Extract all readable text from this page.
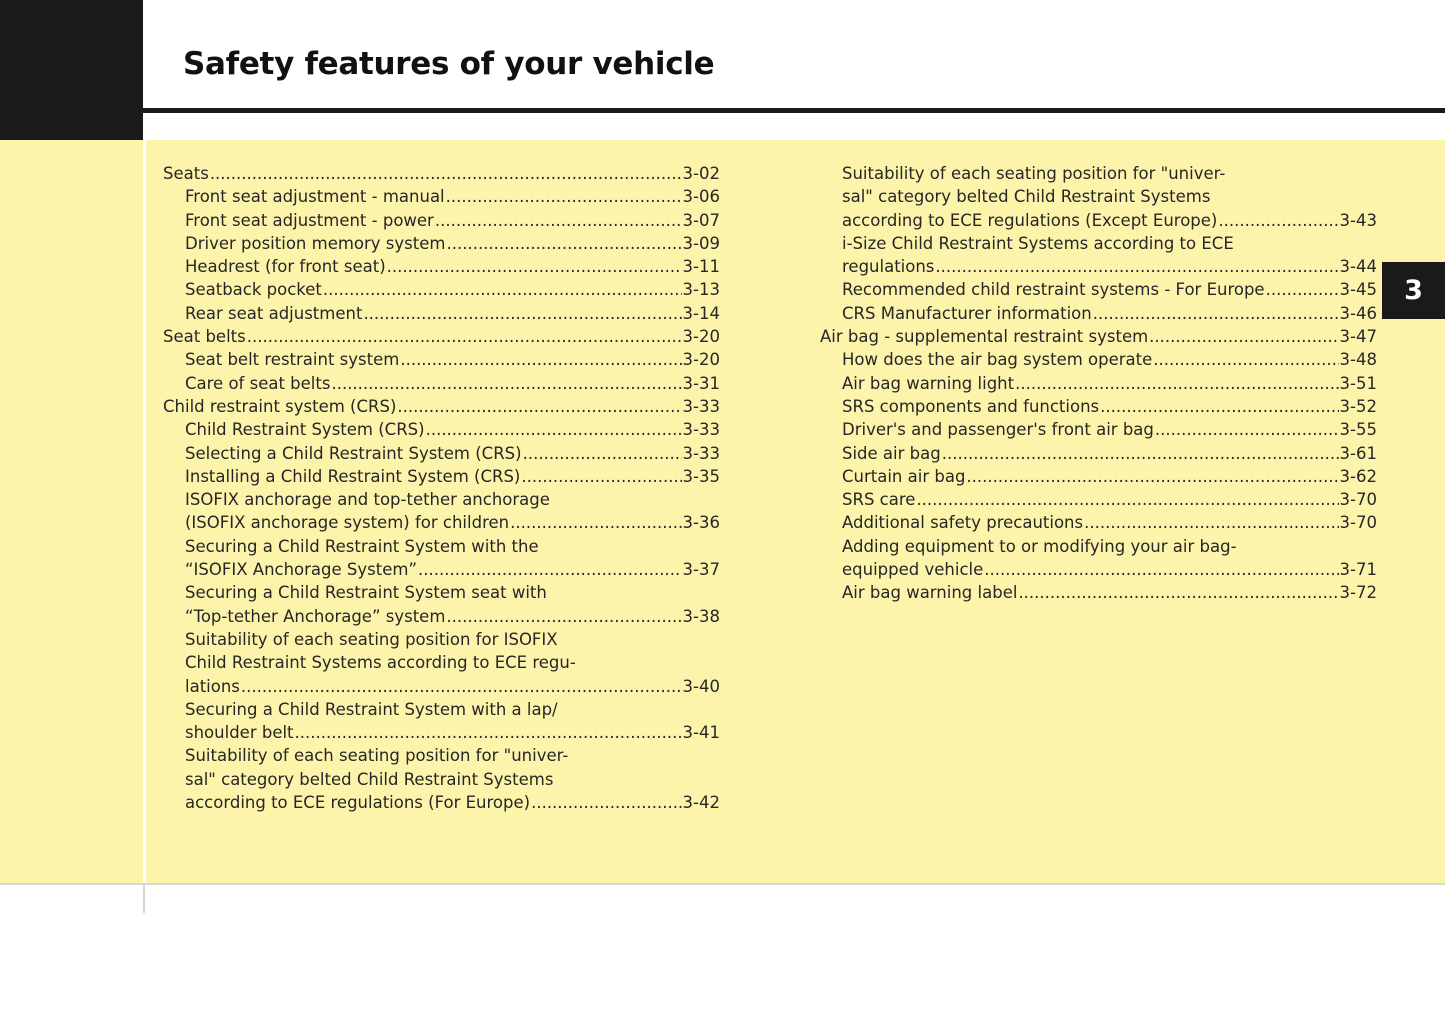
Safety features of your vehicle
3
Seats .....	3-02
Front seat adjustment - manual .....	3-06
Front seat adjustment - power .....	3-07
Driver position memory system .....	3-09
Headrest (for front seat) .....	3-11
Seatback pocket .....	3-13
Rear seat adjustment .....	3-14
Seat belts .....	3-20
Seat belt restraint system .....	3-20
Care of seat belts .....	3-31
Child restraint system (CRS) .....	3-33
Child Restraint System (CRS) .....	3-33
Selecting a Child Restraint System (CRS) .....	3-33
Installing a Child Restraint System (CRS) .....	3-35
ISOFIX anchorage and top-tether anchorage
(ISOFIX anchorage system) for children .....	3-36
Securing a Child Restraint System with the
“ISOFIX Anchorage System” .....	3-37
Securing a Child Restraint System seat with
“Top-tether Anchorage” system .....	3-38
Suitability of each seating position for ISOFIX
Child Restraint Systems according to ECE regu-
lations .....	3-40
Securing a Child Restraint System with a lap/
shoulder belt .....	3-41
Suitability of each seating position for "univer-
sal" category belted Child Restraint Systems
according to ECE regulations (For Europe) .....	3-42
Suitability of each seating position for "univer-
sal" category belted Child Restraint Systems
according to ECE regulations (Except Europe) .....	3-43
i-Size Child Restraint Systems according to ECE
regulations .....	3-44
Recommended child restraint systems - For Europe .....	3-45
CRS Manufacturer information .....	3-46
Air bag - supplemental restraint system .....	3-47
How does the air bag system operate .....	3-48
Air bag warning light .....	3-51
SRS components and functions .....	3-52
Driver's and passenger's front air bag .....	3-55
Side air bag .....	3-61
Curtain air bag .....	3-62
SRS care .....	3-70
Additional safety precautions .....	3-70
Adding equipment to or modifying your air bag-
equipped vehicle .....	3-71
Air bag warning label .....	3-72
